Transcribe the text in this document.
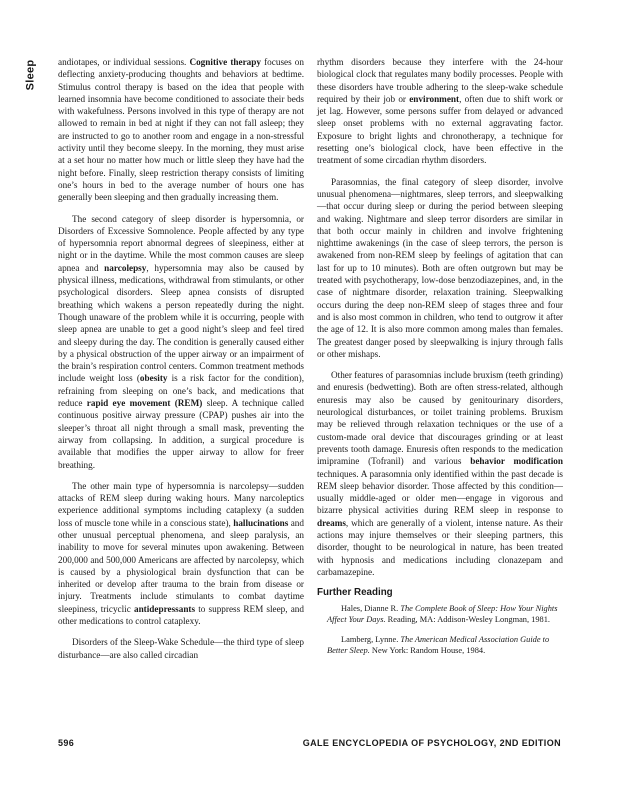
Sleep andiotapes, or individual sessions. Cognitive therapy focuses on deflecting anxiety-producing thoughts and behaviors at bedtime. Stimulus control therapy is based on the idea that people with learned insomnia have become conditioned to associate their beds with wakefulness. Persons involved in this type of therapy are not allowed to remain in bed at night if they can not fall asleep; they are instructed to go to another room and engage in a non-stressful activity until they become sleepy. In the morning, they must arise at a set hour no matter how much or little sleep they have had the night before. Finally, sleep restriction therapy consists of limiting one’s hours in bed to the average number of hours one has generally been sleeping and then gradually increasing them.

The second category of sleep disorder is hypersomnia, or Disorders of Excessive Somnolence. People affected by any type of hypersomnia report abnormal degrees of sleepiness, either at night or in the daytime. While the most common causes are sleep apnea and narcolepsy, hypersomnia may also be caused by physical illness, medications, withdrawal from stimulants, or other psychological disorders. Sleep apnea consists of disrupted breathing which wakens a person repeatedly during the night. Though unaware of the problem while it is occurring, people with sleep apnea are unable to get a good night’s sleep and feel tired and sleepy during the day. The condition is generally caused either by a physical obstruction of the upper airway or an impairment of the brain’s respiration control centers. Common treatment methods include weight loss (obesity is a risk factor for the condition), refraining from sleeping on one’s back, and medications that reduce rapid eye movement (REM) sleep. A technique called continuous positive airway pressure (CPAP) pushes air into the sleeper’s throat all night through a small mask, preventing the airway from collapsing. In addition, a surgical procedure is available that modifies the upper airway to allow for freer breathing.

The other main type of hypersomnia is narcolepsy—sudden attacks of REM sleep during waking hours. Many narcoleptics experience additional symptoms including cataplexy (a sudden loss of muscle tone while in a conscious state), hallucinations and other unusual perceptual phenomena, and sleep paralysis, an inability to move for several minutes upon awakening. Between 200,000 and 500,000 Americans are affected by narcolepsy, which is caused by a physiological brain dysfunction that can be inherited or develop after trauma to the brain from disease or injury. Treatments include stimulants to combat daytime sleepiness, tricyclic antidepressants to suppress REM sleep, and other medications to control cataplexy.

Disorders of the Sleep-Wake Schedule—the third type of sleep disturbance—are also called circadian

rhythm disorders because they interfere with the 24-hour biological clock that regulates many bodily processes. People with these disorders have trouble adhering to the sleep-wake schedule required by their job or environment, often due to shift work or jet lag. However, some persons suffer from delayed or advanced sleep onset problems with no external aggravating factor. Exposure to bright lights and chronotherapy, a technique for resetting one’s biological clock, have been effective in the treatment of some circadian rhythm disorders.

Parasomnias, the final category of sleep disorder, involve unusual phenomena—nightmares, sleep terrors, and sleepwalking—that occur during sleep or during the period between sleeping and waking. Nightmare and sleep terror disorders are similar in that both occur mainly in children and involve frightening nighttime awakenings (in the case of sleep terrors, the person is awakened from non-REM sleep by feelings of agitation that can last for up to 10 minutes). Both are often outgrown but may be treated with psychotherapy, low-dose benzodiazepines, and, in the case of nightmare disorder, relaxation training. Sleepwalking occurs during the deep non-REM sleep of stages three and four and is also most common in children, who tend to outgrow it after the age of 12. It is also more common among males than females. The greatest danger posed by sleepwalking is injury through falls or other mishaps.

Other features of parasomnias include bruxism (teeth grinding) and enuresis (bedwetting). Both are often stress-related, although enuresis may also be caused by genitourinary disorders, neurological disturbances, or toilet training problems. Bruxism may be relieved through relaxation techniques or the use of a custom-made oral device that discourages grinding or at least prevents tooth damage. Enuresis often responds to the medication imipramine (Tofranil) and various behavior modification techniques. A parasomnia only identified within the past decade is REM sleep behavior disorder. Those affected by this condition—usually middle-aged or older men—engage in vigorous and bizarre physical activities during REM sleep in response to dreams, which are generally of a violent, intense nature. As their actions may injure themselves or their sleeping partners, this disorder, thought to be neurological in nature, has been treated with hypnosis and medications including clonazepam and carbamazepine.

Further Reading

Hales, Dianne R. The Complete Book of Sleep: How Your Nights Affect Your Days. Reading, MA: Addison-Wesley Longman, 1981.

Lamberg, Lynne. The American Medical Association Guide to Better Sleep. New York: Random House, 1984.

596	GALE ENCYCLOPEDIA OF PSYCHOLOGY, 2ND EDITION
